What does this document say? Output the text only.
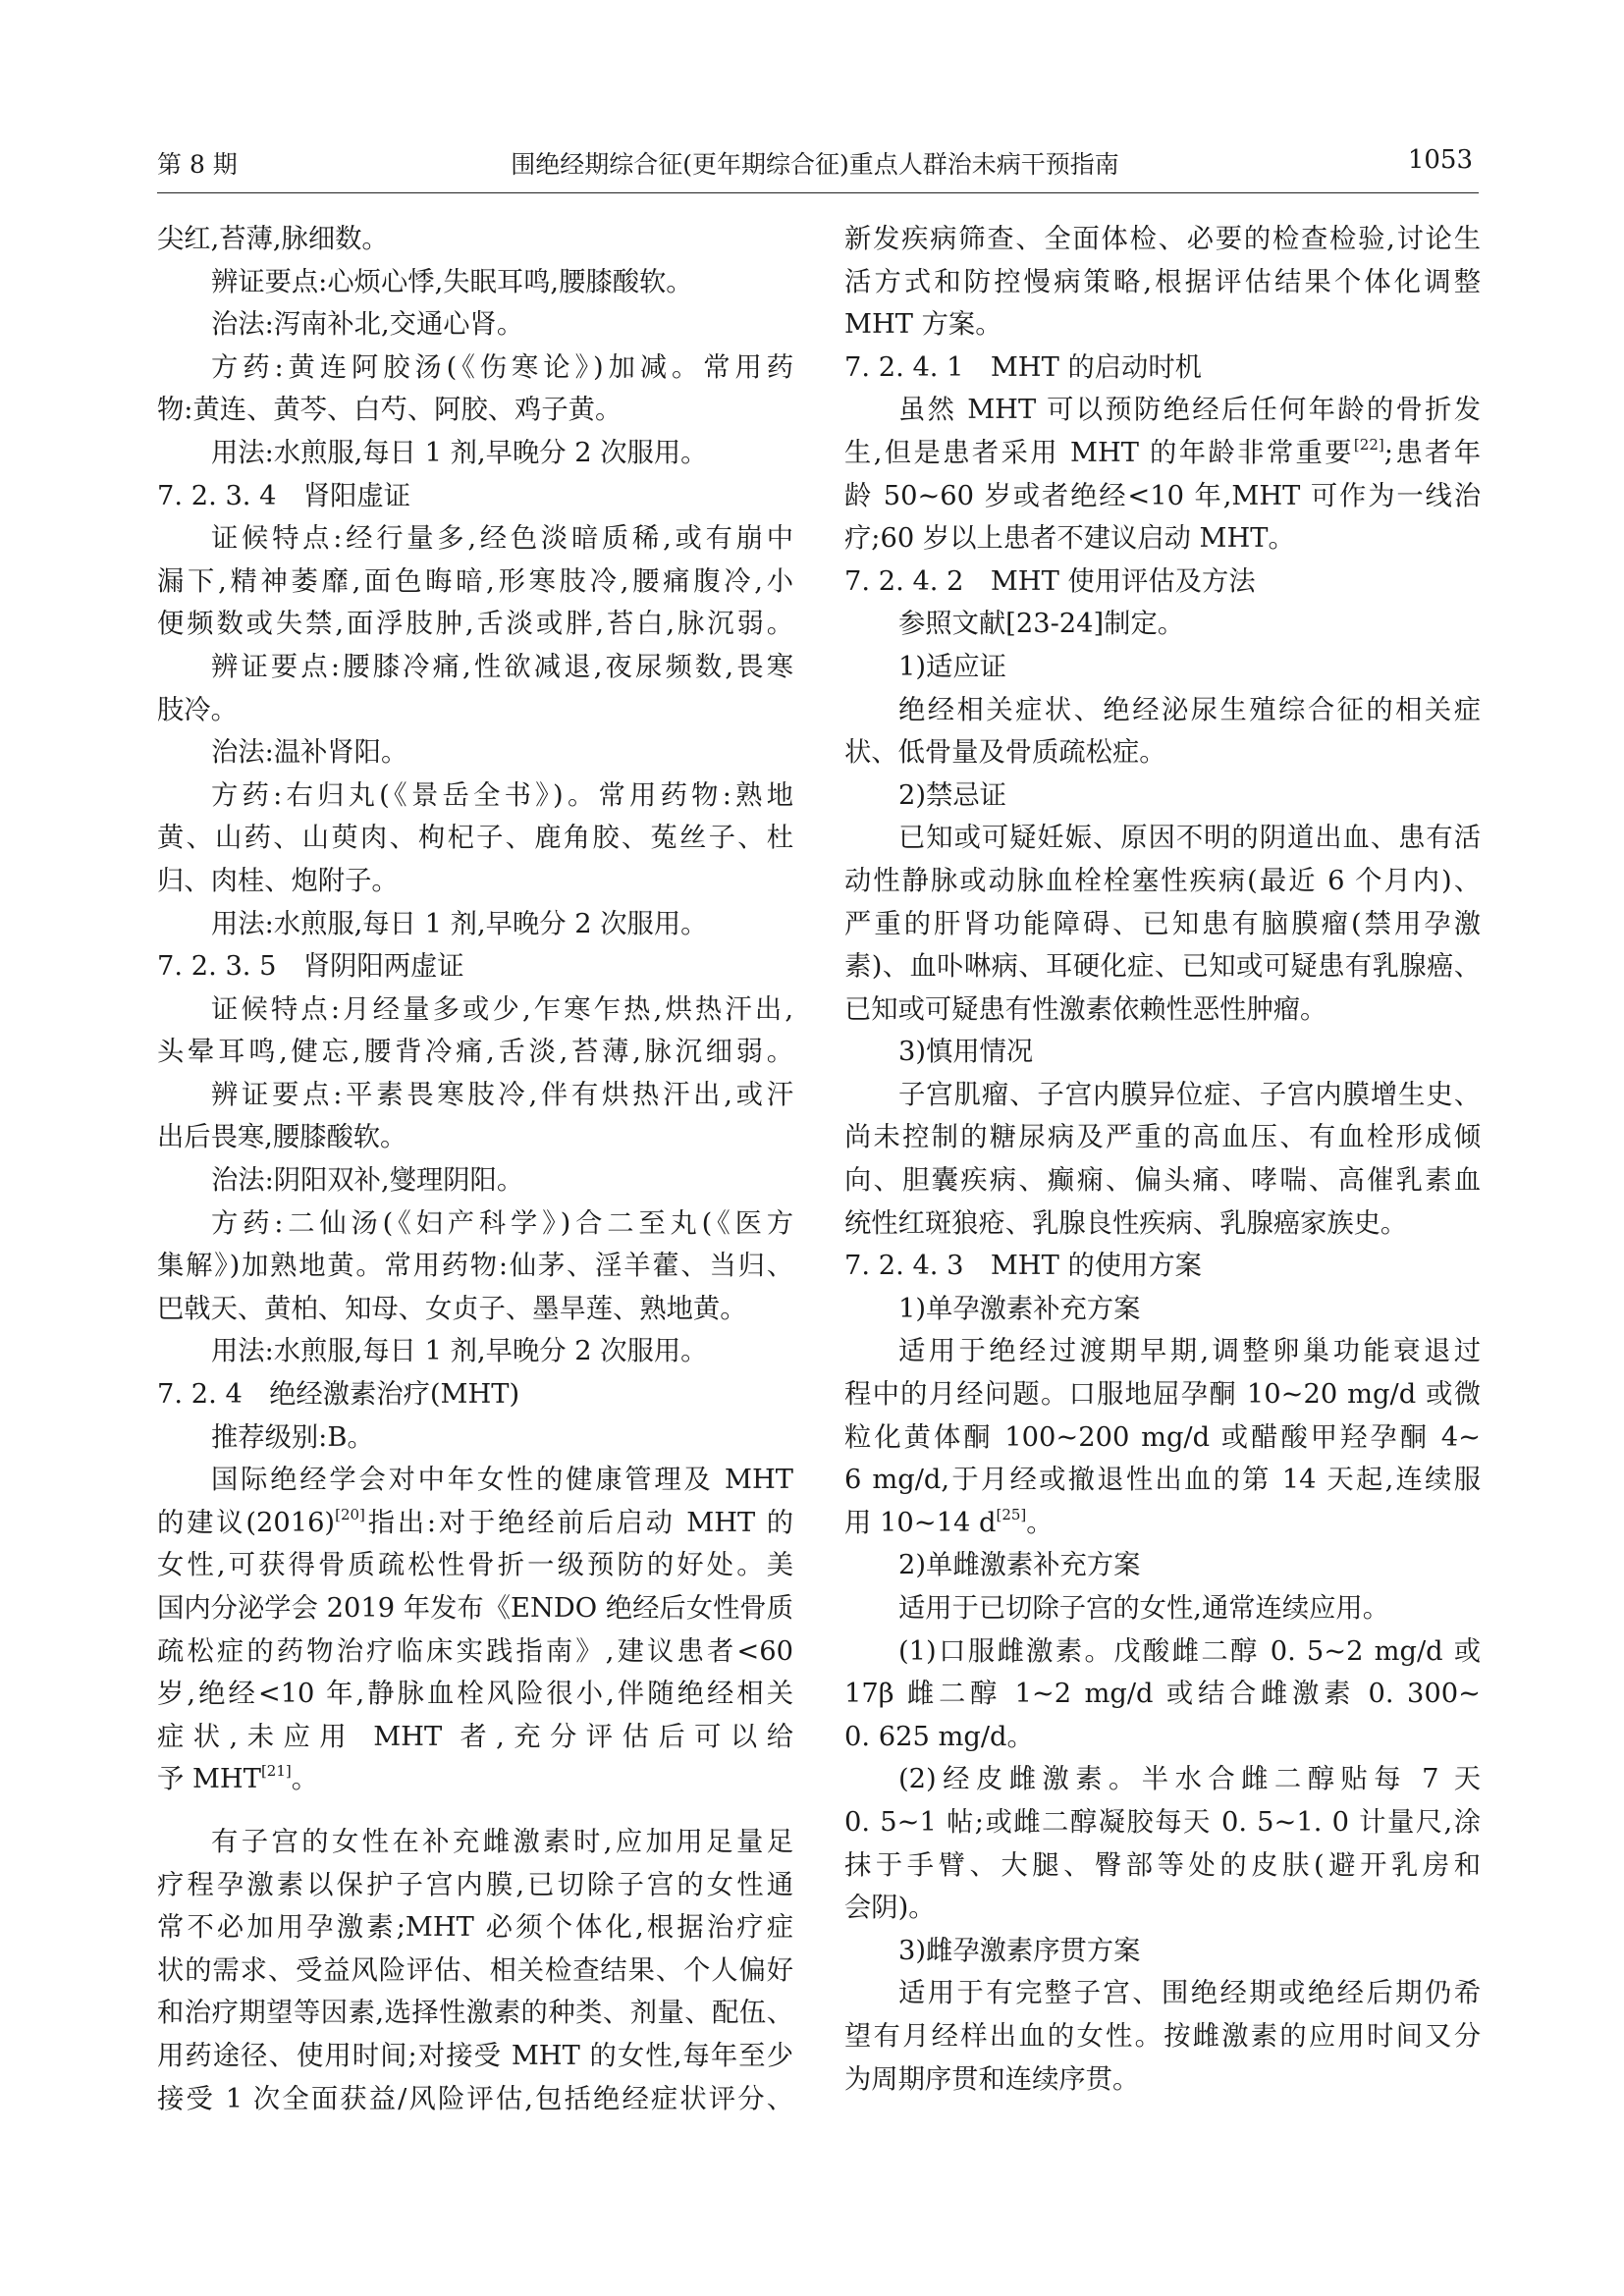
第 8 期	围绝经期综合征(更年期综合征)重点人群治未病干预指南	1053

尖红,苔薄,脉细数。

辨证要点:心烦心悸,失眠耳鸣,腰膝酸软。

治法:泻南补北,交通心肾。

方药:黄连阿胶汤(《伤寒论》)加减。常用药

物:黄连、黄芩、白芍、阿胶、鸡子黄。

用法:水煎服,每日 1 剂,早晚分 2 次服用。

7. 2. 3. 4　肾阳虚证

证候特点:经行量多,经色淡暗质稀,或有崩中

漏下,精神萎靡,面色晦暗,形寒肢冷,腰痛腹冷,小

便频数或失禁,面浮肢肿,舌淡或胖,苔白,脉沉弱。

辨证要点:腰膝冷痛,性欲减退,夜尿频数,畏寒

肢冷。

治法:温补肾阳。

方药:右归丸(《景岳全书》)。常用药物:熟地

黄、山药、山萸肉、枸杞子、鹿角胶、菟丝子、杜

归、肉桂、炮附子。

用法:水煎服,每日 1 剂,早晚分 2 次服用。

7. 2. 3. 5　肾阴阳两虚证

证候特点:月经量多或少,乍寒乍热,烘热汗出,

头晕耳鸣,健忘,腰背冷痛,舌淡,苔薄,脉沉细弱。

辨证要点:平素畏寒肢冷,伴有烘热汗出,或汗

出后畏寒,腰膝酸软。

治法:阴阳双补,燮理阴阳。

方药:二仙汤(《妇产科学》)合二至丸(《医方

集解》)加熟地黄。常用药物:仙茅、淫羊藿、当归、

巴戟天、黄柏、知母、女贞子、墨旱莲、熟地黄。

用法:水煎服,每日 1 剂,早晚分 2 次服用。

7. 2. 4　绝经激素治疗(MHT)

推荐级别:B。

国际绝经学会对中年女性的健康管理及 MHT

的建议(2016)[20]指出:对于绝经前后启动 MHT 的

女性,可获得骨质疏松性骨折一级预防的好处。美

国内分泌学会 2019 年发布《ENDO 绝经后女性骨质

疏松症的药物治疗临床实践指南》,建议患者<60

岁,绝经<10 年,静脉血栓风险很小,伴随绝经相关

症状,未应用 MHT 者,充分评估后可以给

予 MHT[21]。

有子宫的女性在补充雌激素时,应加用足量足

疗程孕激素以保护子宫内膜,已切除子宫的女性通

常不必加用孕激素;MHT 必须个体化,根据治疗症

状的需求、受益风险评估、相关检查结果、个人偏好

和治疗期望等因素,选择性激素的种类、剂量、配伍、

用药途径、使用时间;对接受 MHT 的女性,每年至少

接受 1 次全面获益/风险评估,包括绝经症状评分、

新发疾病筛查、全面体检、必要的检查检验,讨论生

活方式和防控慢病策略,根据评估结果个体化调整

MHT 方案。

7. 2. 4. 1　MHT 的启动时机

虽然 MHT 可以预防绝经后任何年龄的骨折发

生,但是患者采用 MHT 的年龄非常重要[22];患者年

龄 50~60 岁或者绝经<10 年,MHT 可作为一线治

疗;60 岁以上患者不建议启动 MHT。

7. 2. 4. 2　MHT 使用评估及方法

参照文献[23-24]制定。

1)适应证

绝经相关症状、绝经泌尿生殖综合征的相关症

状、低骨量及骨质疏松症。

2)禁忌证

已知或可疑妊娠、原因不明的阴道出血、患有活

动性静脉或动脉血栓栓塞性疾病(最近 6 个月内)、

严重的肝肾功能障碍、已知患有脑膜瘤(禁用孕激

素)、血卟啉病、耳硬化症、已知或可疑患有乳腺癌、

已知或可疑患有性激素依赖性恶性肿瘤。

3)慎用情况

子宫肌瘤、子宫内膜异位症、子宫内膜增生史、

尚未控制的糖尿病及严重的高血压、有血栓形成倾

向、胆囊疾病、癫痫、偏头痛、哮喘、高催乳素血

统性红斑狼疮、乳腺良性疾病、乳腺癌家族史。

7. 2. 4. 3　MHT 的使用方案

1)单孕激素补充方案

适用于绝经过渡期早期,调整卵巢功能衰退过

程中的月经问题。口服地屈孕酮 10~20 mg/d 或微

粒化黄体酮 100~200 mg/d 或醋酸甲羟孕酮 4~

6 mg/d,于月经或撤退性出血的第 14 天起,连续服

用 10~14 d[25]。

2)单雌激素补充方案

适用于已切除子宫的女性,通常连续应用。

(1)口服雌激素。戊酸雌二醇 0. 5~2 mg/d 或

17β 雌二醇 1~2 mg/d 或结合雌激素 0. 300~

0. 625 mg/d。

(2)经皮雌激素。半水合雌二醇贴每 7 天

0. 5~1 帖;或雌二醇凝胶每天 0. 5~1. 0 计量尺,涂

抹于手臂、大腿、臀部等处的皮肤(避开乳房和

会阴)。

3)雌孕激素序贯方案

适用于有完整子宫、围绝经期或绝经后期仍希

望有月经样出血的女性。按雌激素的应用时间又分

为周期序贯和连续序贯。
